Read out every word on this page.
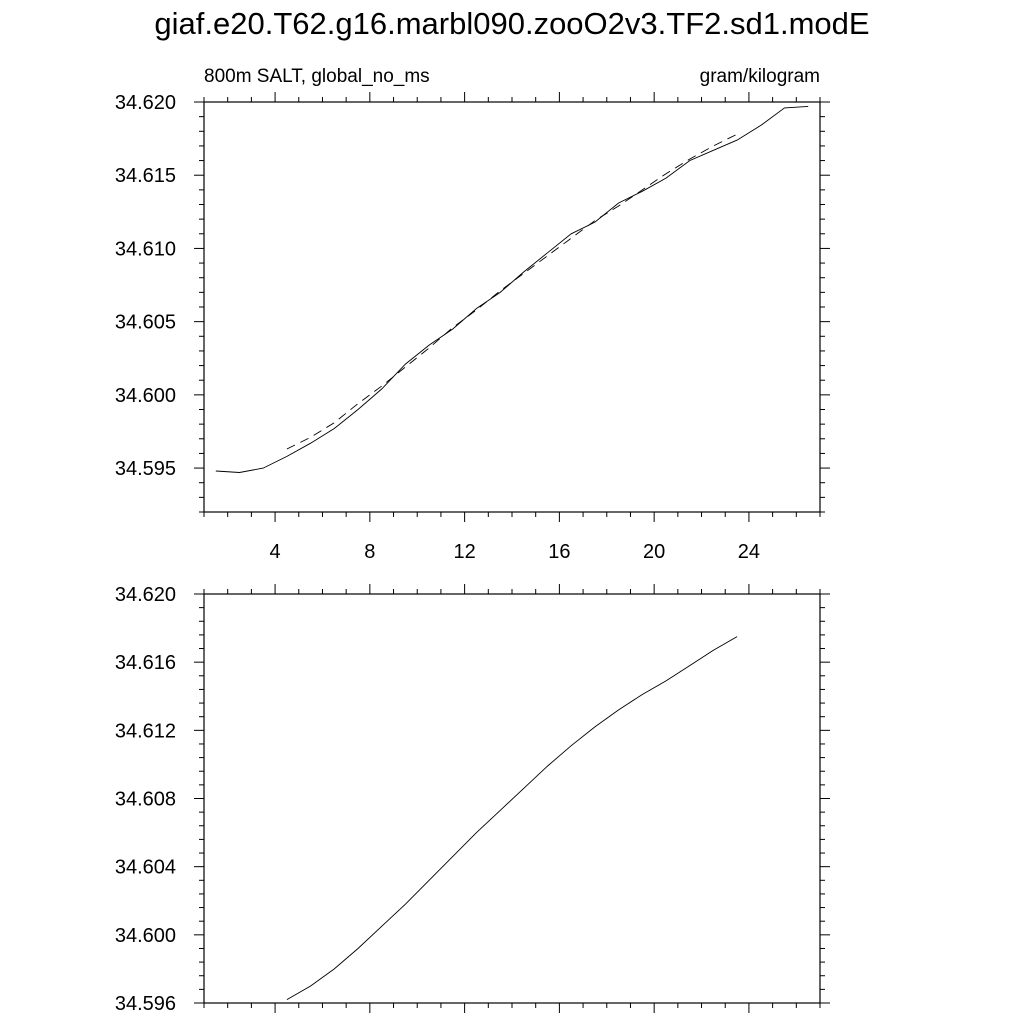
giaf.e20.T62.g16.marbl090.zooO2v3.TF2.sd1.modE
4	8	12	16	20	24
34.595
34.600
34.605
34.610
34.615
34.620
800m SALT, global_no_ms	gram/kilogram
34.596
34.600
34.604
34.608
34.612
34.616
34.620
